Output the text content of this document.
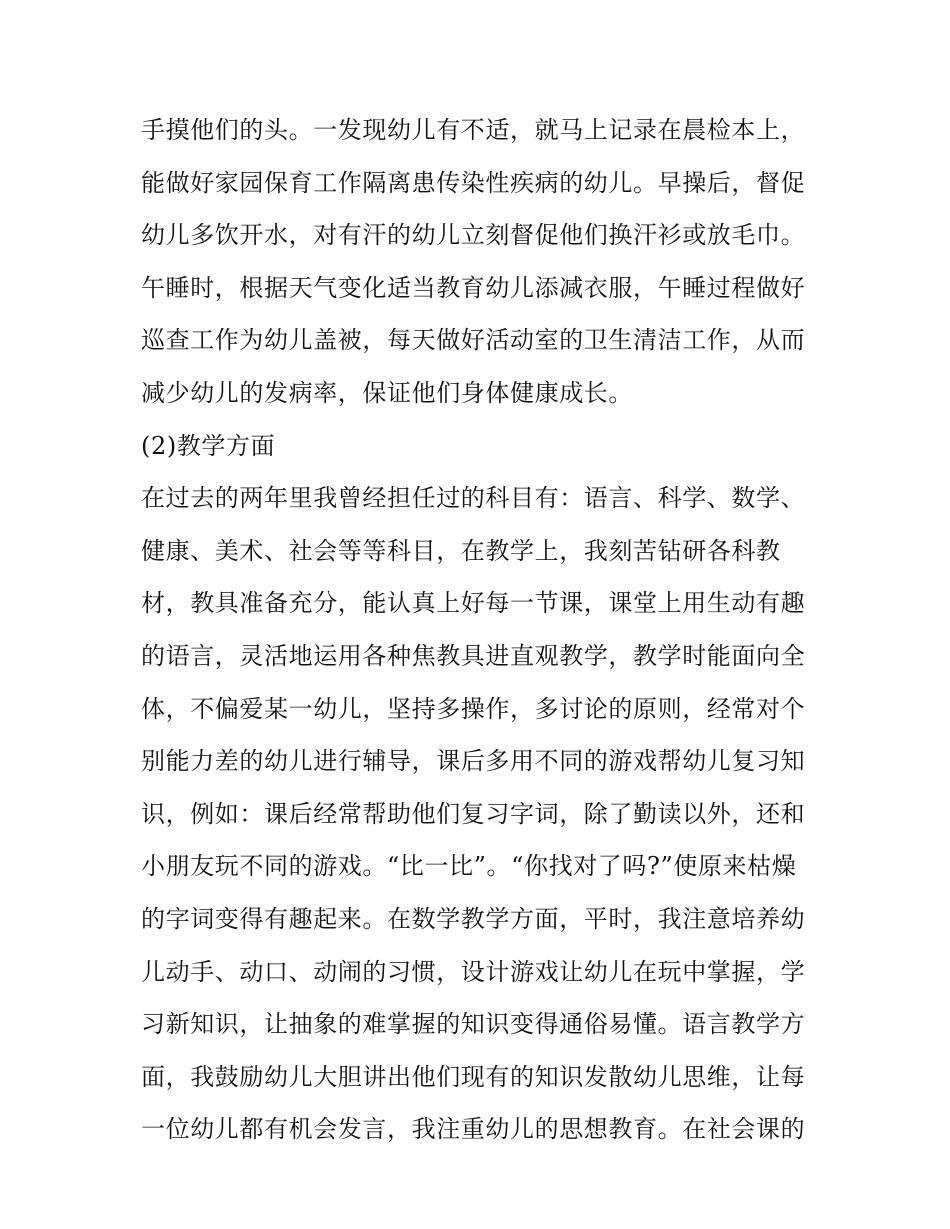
手摸他们的头。一发现幼儿有不适，就马上记录在晨检本上，
能做好家园保育工作隔离患传染性疾病的幼儿。早操后，督促
幼儿多饮开水，对有汗的幼儿立刻督促他们换汗衫或放毛巾。
午睡时，根据天气变化适当教育幼儿添减衣服，午睡过程做好
巡查工作为幼儿盖被，每天做好活动室的卫生清洁工作，从而
减少幼儿的发病率，保证他们身体健康成长。
(2)教学方面
在过去的两年里我曾经担任过的科目有：语言、科学、数学、
健康、美术、社会等等科目，在教学上，我刻苦钻研各科教
材，教具准备充分，能认真上好每一节课，课堂上用生动有趣
的语言，灵活地运用各种焦教具进直观教学，教学时能面向全
体，不偏爱某一幼儿，坚持多操作，多讨论的原则，经常对个
别能力差的幼儿进行辅导，课后多用不同的游戏帮幼儿复习知
识，例如：课后经常帮助他们复习字词，除了勤读以外，还和
小朋友玩不同的游戏。“比一比”。“你找对了吗?”使原来枯燥
的字词变得有趣起来。在数学教学方面，平时，我注意培养幼
儿动手、动口、动闹的习惯，设计游戏让幼儿在玩中掌握，学
习新知识，让抽象的难掌握的知识变得通俗易懂。语言教学方
面，我鼓励幼儿大胆讲出他们现有的知识发散幼儿思维，让每
一位幼儿都有机会发言，我注重幼儿的思想教育。在社会课的
